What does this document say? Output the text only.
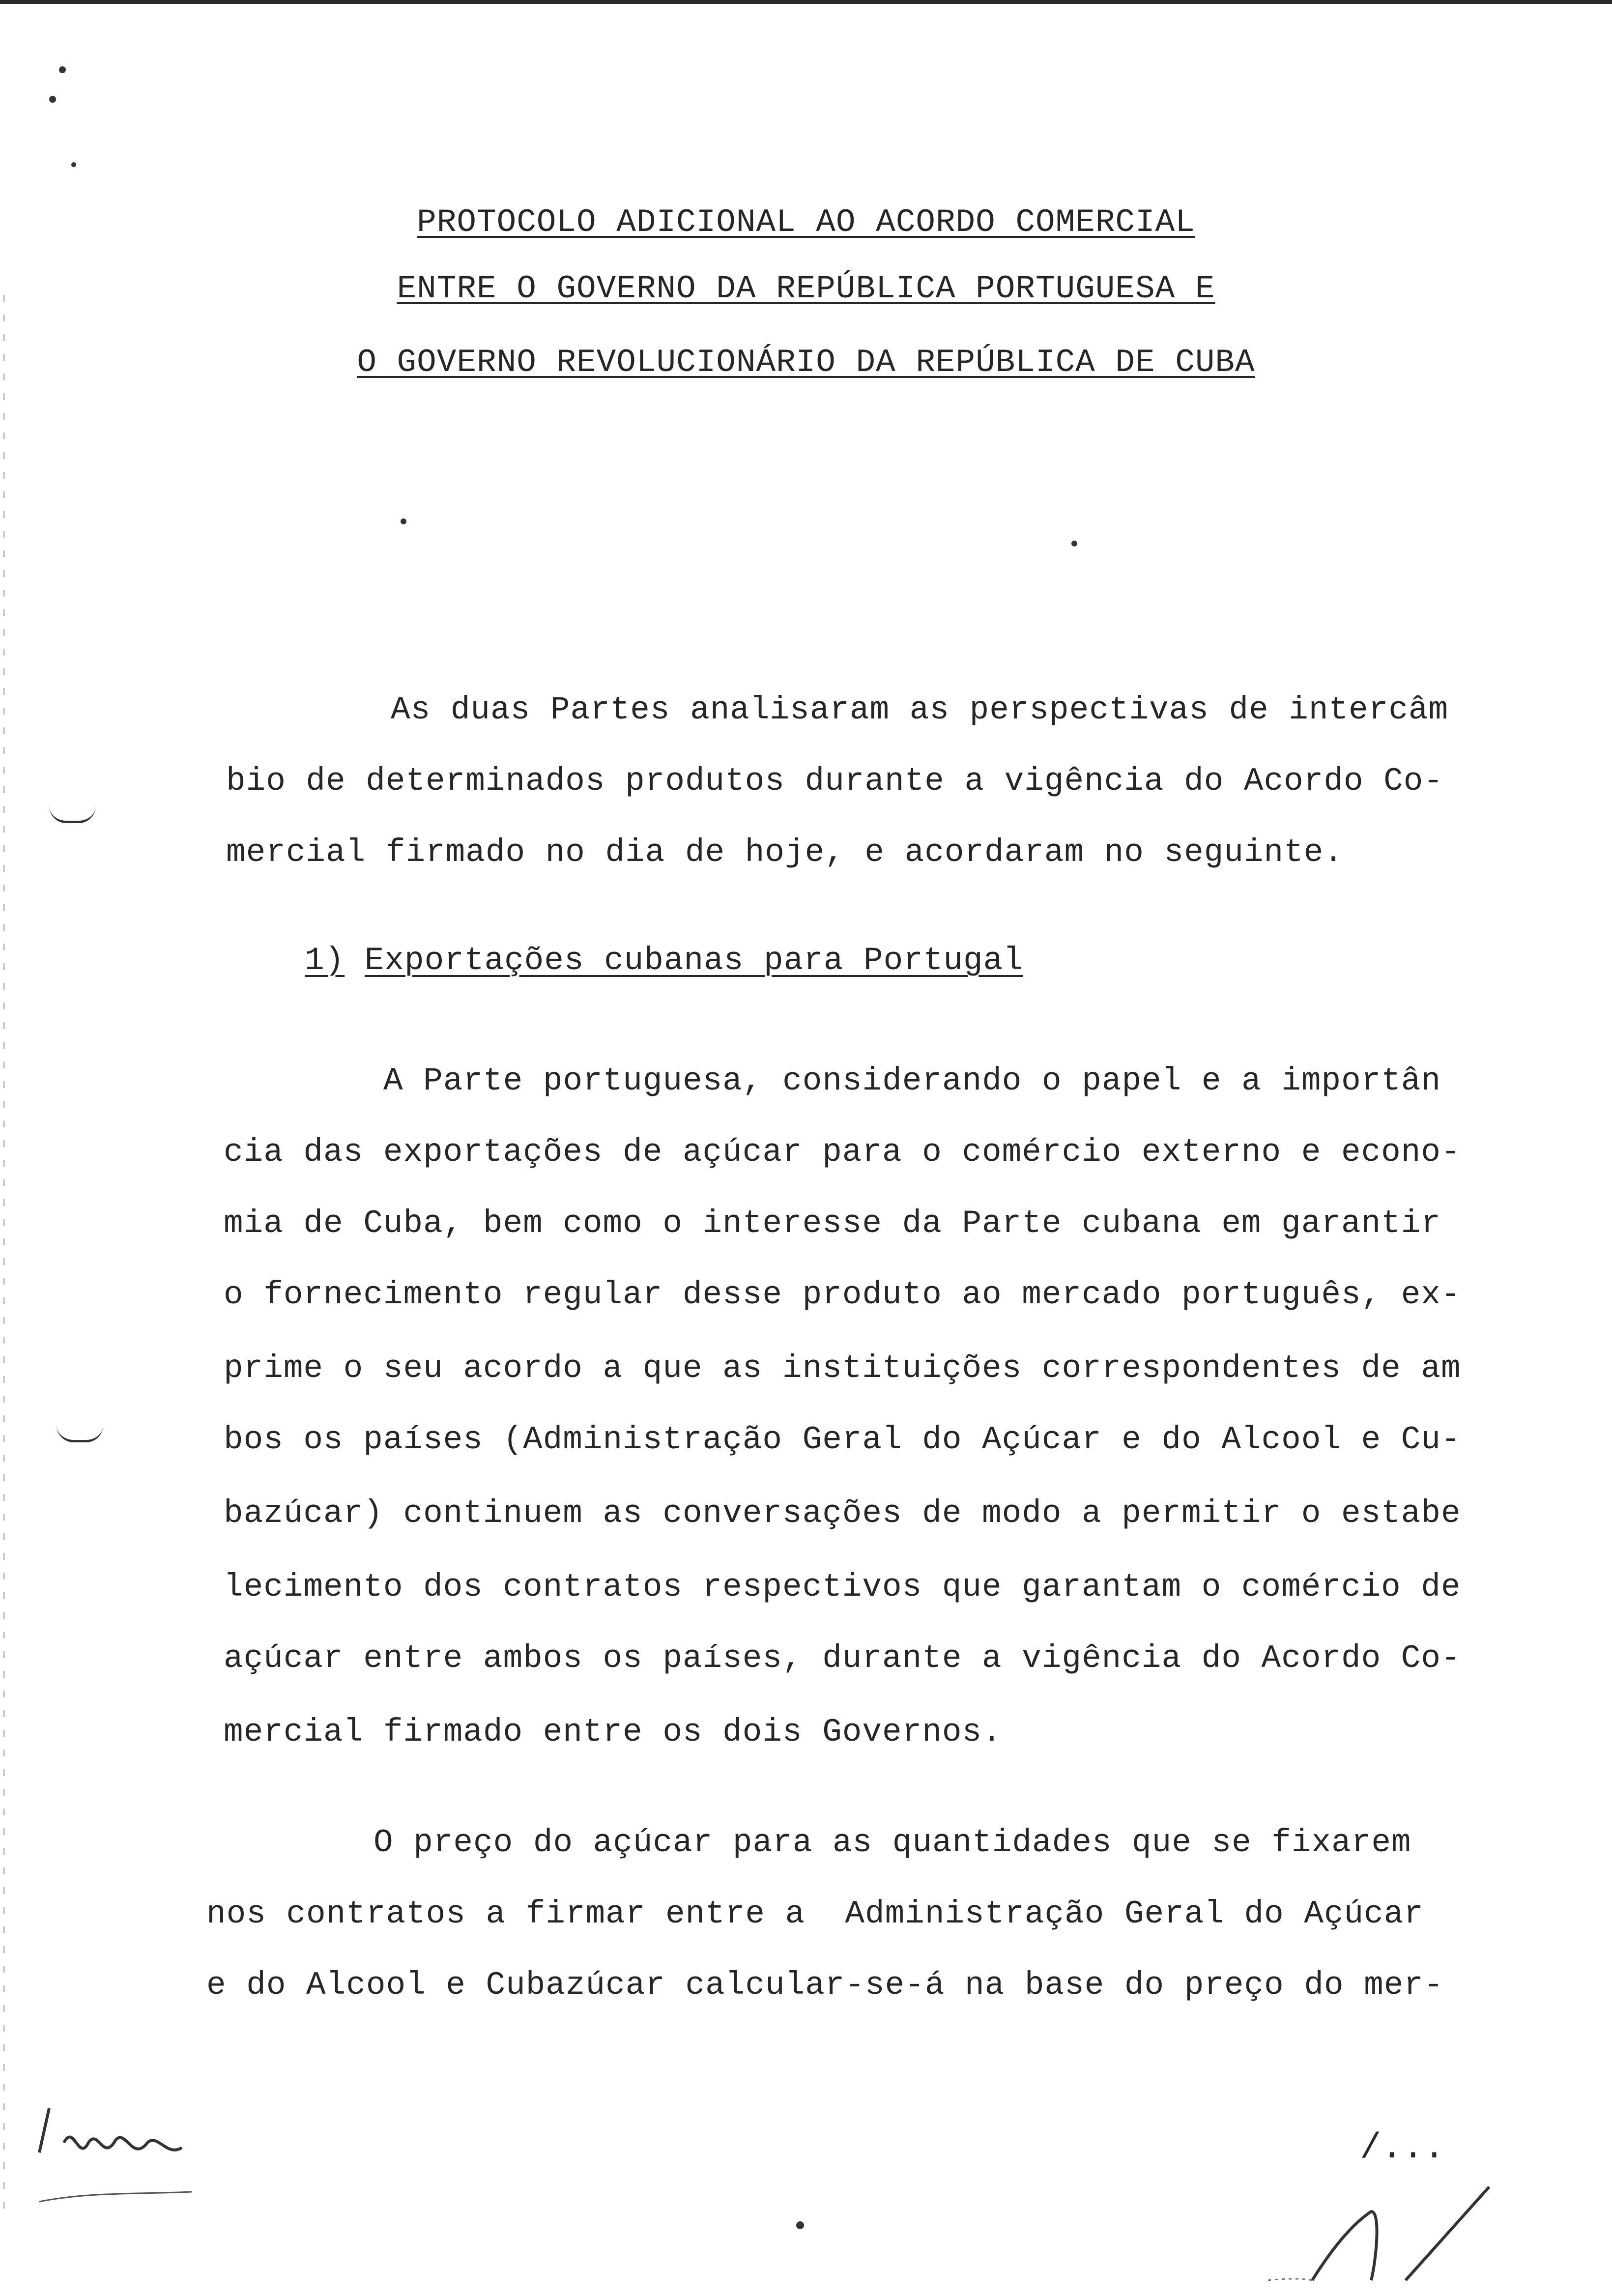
PROTOCOLO ADICIONAL AO ACORDO COMERCIAL
ENTRE O GOVERNO DA REPÚBLICA PORTUGUESA E
O GOVERNO REVOLUCIONÁRIO DA REPÚBLICA DE CUBA
As duas Partes analisaram as perspectivas de intercâm
bio de determinados produtos durante a vigência do Acordo Co-
mercial firmado no dia de hoje, e acordaram no seguinte.
1) Exportações cubanas para Portugal
A Parte portuguesa, considerando o papel e a importân
cia das exportações de açúcar para o comércio externo e econo-
mia de Cuba, bem como o interesse da Parte cubana em garantir
o fornecimento regular desse produto ao mercado português, ex-
prime o seu acordo a que as instituições correspondentes de am
bos os países (Administração Geral do Açúcar e do Alcool e Cu-
bazúcar) continuem as conversações de modo a permitir o estabe
lecimento dos contratos respectivos que garantam o comércio de
açúcar entre ambos os países, durante a vigência do Acordo Co-
mercial firmado entre os dois Governos.
O preço do açúcar para as quantidades que se fixarem
nos contratos a firmar entre a  Administração Geral do Açúcar
e do Alcool e Cubazúcar calcular-se-á na base do preço do mer-
/...
